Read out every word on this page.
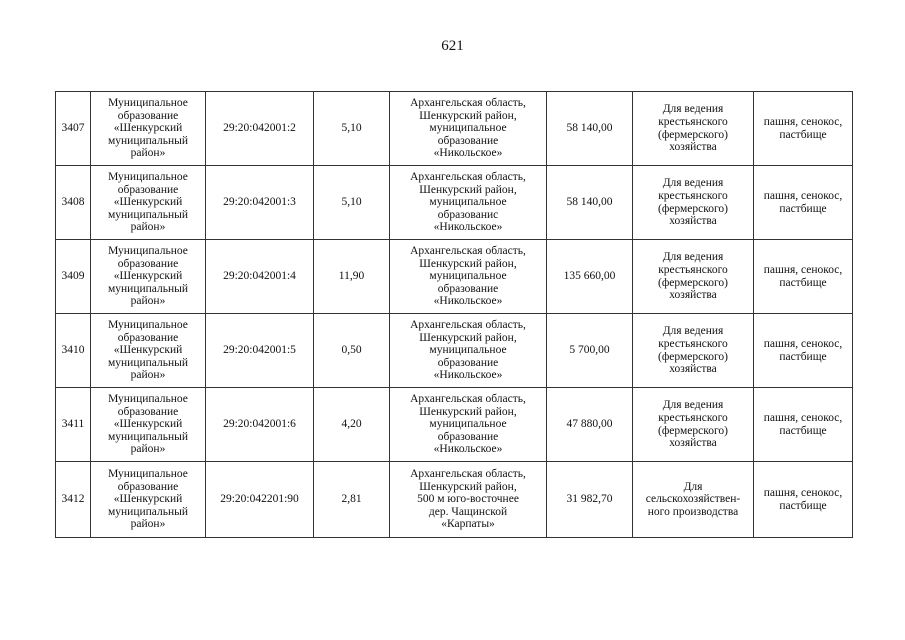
621
3407	Муниципальное
образование
«Шенкурский
муниципальный
район»	29:20:042001:2	5,10	Архангельская область,
Шенкурский район,
муниципальное
образование
«Никольское»	58 140,00	Для ведения
крестьянского
(фермерского)
хозяйства	пашня, сенокос,
пастбище

3408	Муниципальное
образование
«Шенкурский
муниципальный
район»	29:20:042001:3	5,10	Архангельская область,
Шенкурский район,
муниципальное
образованис
«Никольское»	58 140,00	Для ведения
крестьянского
(фермерского)
хозяйства	пашня, сенокос,
пастбище

3409	Муниципальное
образование
«Шенкурский
муниципальный
район»	29:20:042001:4	11,90	Архангельская область,
Шенкурский район,
муниципальное
образование
«Никольское»	135 660,00	Для ведения
крестьянского
(фермерского)
хозяйства	пашня, сенокос,
пастбище

3410	Муниципальное
образование
«Шенкурский
муниципальный
район»	29:20:042001:5	0,50	Архангельская область,
Шенкурский район,
муниципальное
образование
«Никольское»	5 700,00	Для ведения
крестьянского
(фермерского)
хозяйства	пашня, сенокос,
пастбище

3411	Муниципальное
образование
«Шенкурский
муниципальный
район»	29:20:042001:6	4,20	Архангельская область,
Шенкурский район,
муниципальное
образование
«Никольское»	47 880,00	Для ведения
крестьянского
(фермерского)
хозяйства	пашня, сенокос,
пастбище

3412	Муниципальное
образование
«Шенкурский
муниципальный
район»	29:20:042201:90	2,81	Архангельская область,
Шенкурский район,
500 м юго-восточнее
дер. Чащинской
«Карпаты»	31 982,70	Для
сельскохозяйствен-
ного производства	пашня, сенокос,
пастбище
